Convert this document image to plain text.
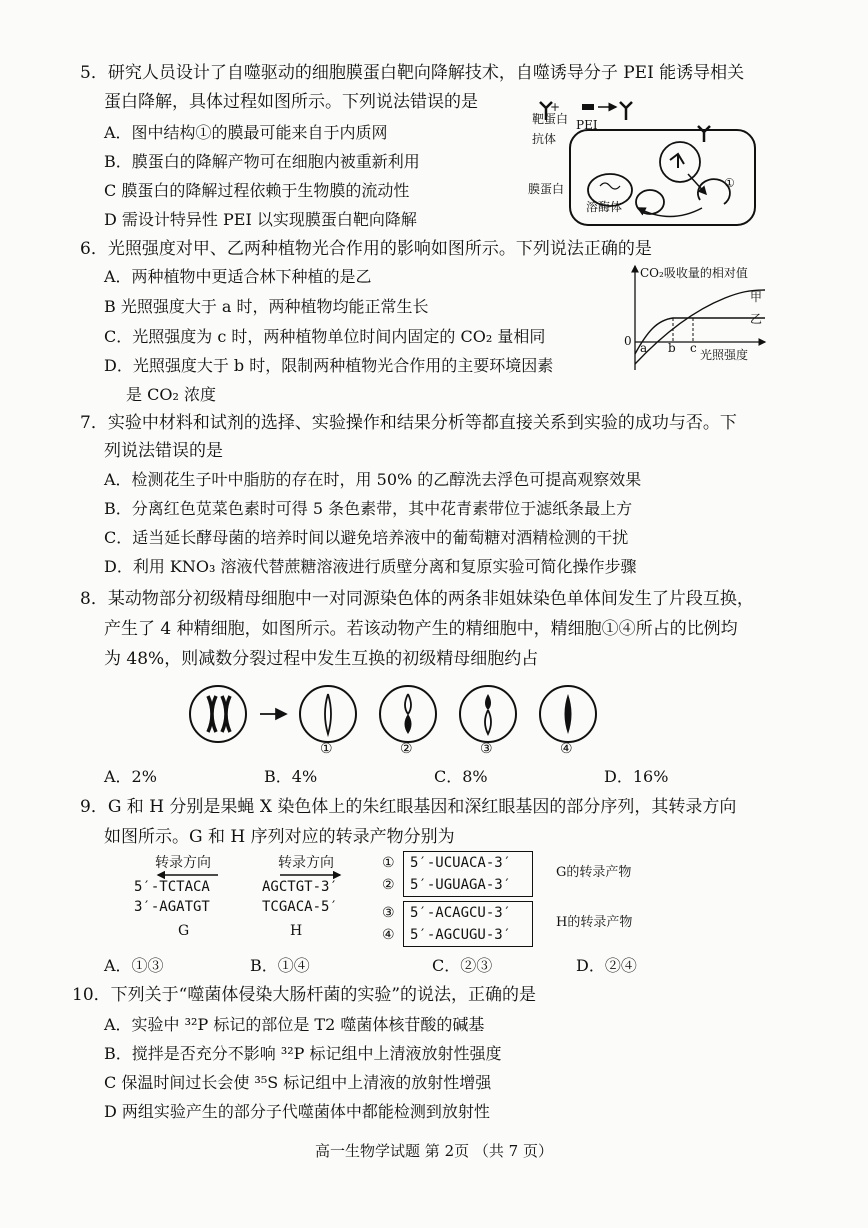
5．研究人员设计了自噬驱动的细胞膜蛋白靶向降解技术，自噬诱导分子 PEI 能诱导相关
蛋白降解，具体过程如图所示。下列说法错误的是
A．图中结构①的膜最可能来自于内质网
B．膜蛋白的降解产物可在细胞内被重新利用
C 膜蛋白的降解过程依赖于生物膜的流动性
D 需设计特异性 PEI 以实现膜蛋白靶向降解
靶蛋白
抗体
+
PEI
膜蛋白
溶酶体
①
6．光照强度对甲、乙两种植物光合作用的影响如图所示。下列说法正确的是
A．两种植物中更适合林下种植的是乙
B 光照强度大于 a 时，两种植物均能正常生长
C．光照强度为 c 时，两种植物单位时间内固定的 CO₂ 量相同
D．光照强度大于 b 时，限制两种植物光合作用的主要环境因素
是 CO₂ 浓度
CO₂吸收量的相对值
光照强度
0 a b c
甲
乙
7．实验中材料和试剂的选择、实验操作和结果分析等都直接关系到实验的成功与否。下
列说法错误的是
A．检测花生子叶中脂肪的存在时，用 50% 的乙醇洗去浮色可提高观察效果
B．分离红色苋菜色素时可得 5 条色素带，其中花青素带位于滤纸条最上方
C．适当延长酵母菌的培养时间以避免培养液中的葡萄糖对酒精检测的干扰
D．利用 KNO₃ 溶液代替蔗糖溶液进行质壁分离和复原实验可简化操作步骤
8．某动物部分初级精母细胞中一对同源染色体的两条非姐妹染色单体间发生了片段互换，
产生了 4 种精细胞，如图所示。若该动物产生的精细胞中，精细胞①④所占的比例均
为 48%，则减数分裂过程中发生互换的初级精母细胞约占
①	②	③	④
A．2%	B．4%	C．8%	D．16%
9．G 和 H 分别是果蝇 X 染色体上的朱红眼基因和深红眼基因的部分序列，其转录方向
如图所示。G 和 H 序列对应的转录产物分别为
转录方向
5′-TCTACA
3′-AGATGT
G
转录方向
AGCTGT-3′
TCGACA-5′
H
① 5′-UCUACA-3′
② 5′-UGUAGA-3′
③ 5′-ACAGCU-3′
④ 5′-AGCUGU-3′
G的转录产物
H的转录产物
A．①③	B．①④	C．②③	D．②④
10．下列关于“噬菌体侵染大肠杆菌的实验”的说法，正确的是
A．实验中 ³²P 标记的部位是 T2 噬菌体核苷酸的碱基
B．搅拌是否充分不影响 ³²P 标记组中上清液放射性强度
C 保温时间过长会使 ³⁵S 标记组中上清液的放射性增强
D 两组实验产生的部分子代噬菌体中都能检测到放射性
高一生物学试题 第 2页 （共 7 页）
